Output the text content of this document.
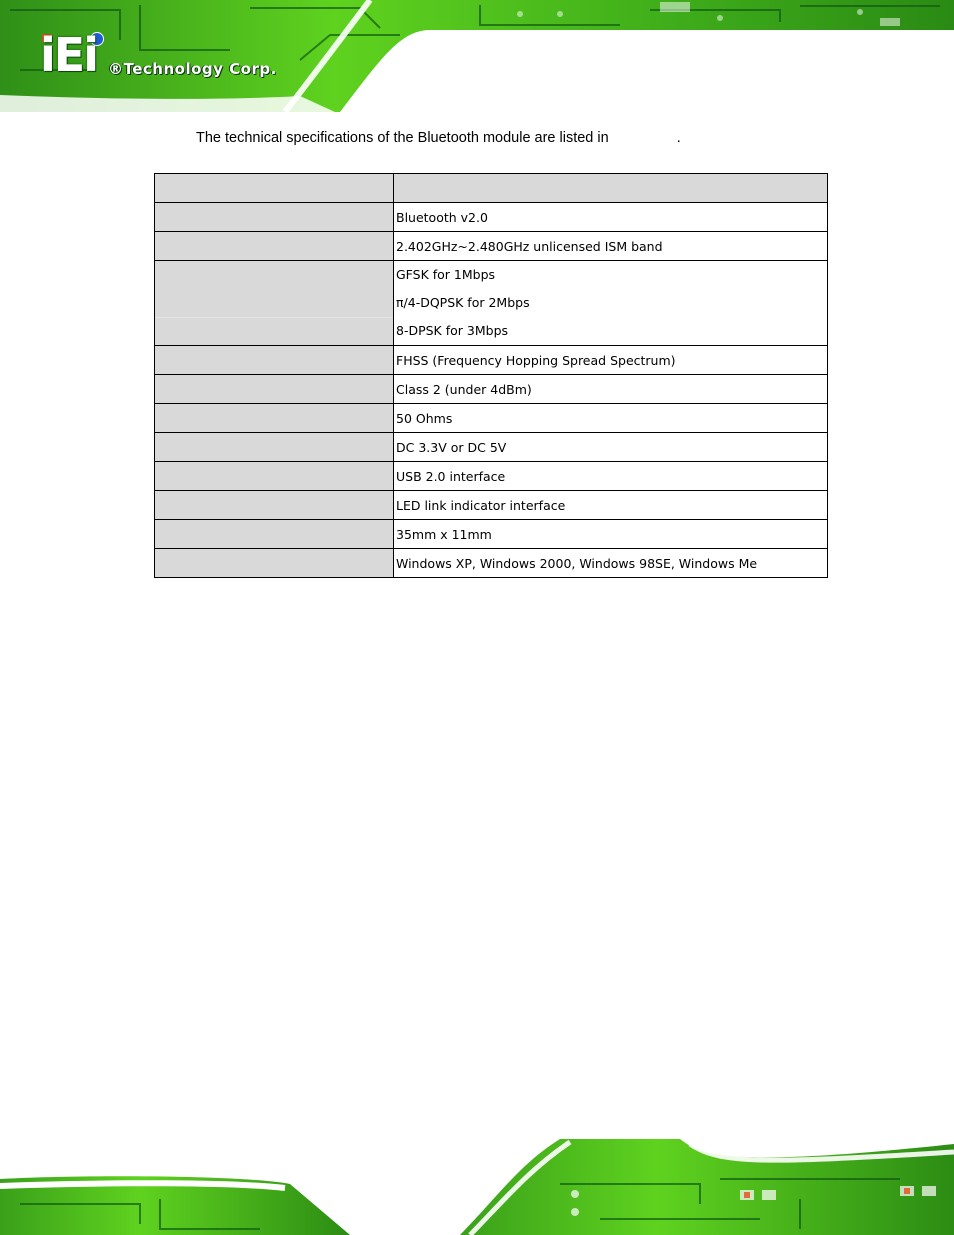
iEi ®Technology Corp.
The technical specifications of the Bluetooth module are listed in	.

	Bluetooth v2.0
	2.402GHz~2.480GHz unlicensed ISM band

	GFSK for 1Mbps
π/4-DQPSK for 2Mbps
8-DPSK for 3Mbps

	FHSS (Frequency Hopping Spread Spectrum)
	Class 2 (under 4dBm)
	50 Ohms
	DC 3.3V or DC 5V
	USB 2.0 interface
	LED link indicator interface
	35mm x 11mm
	Windows XP, Windows 2000, Windows 98SE, Windows Me
